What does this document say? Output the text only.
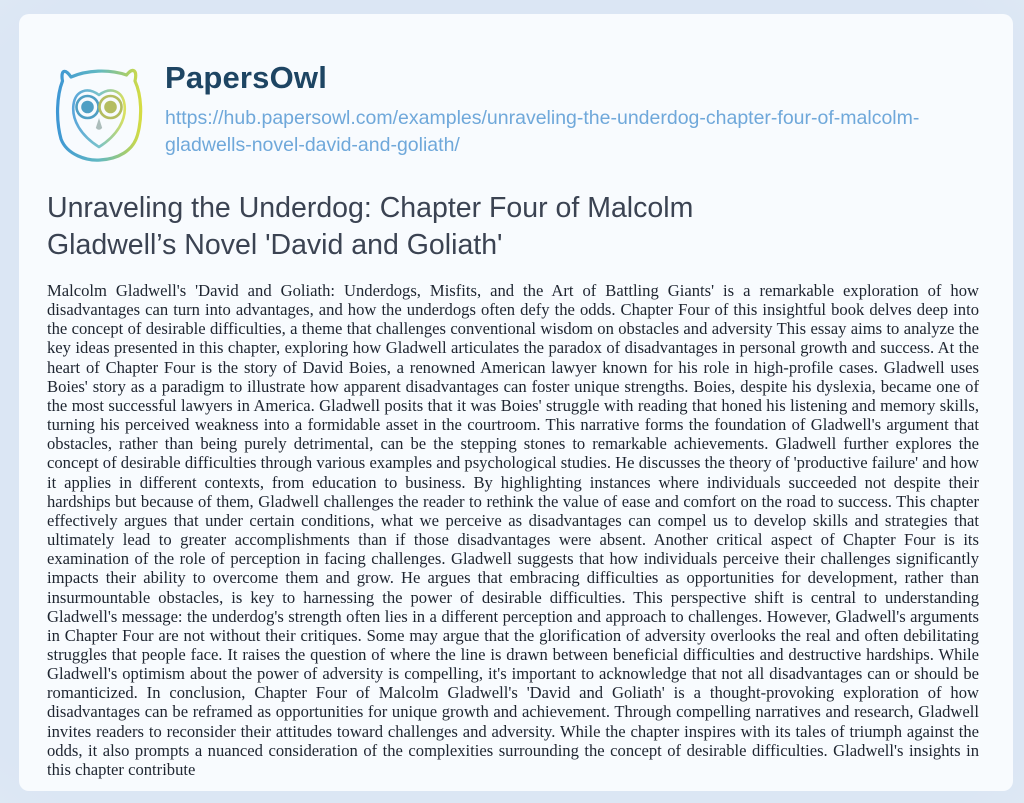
PapersOwl
https://hub.papersowl.com/examples/unraveling-the-underdog-chapter-four-of-malcolm-gladwells-novel-david-and-goliath/
Unraveling the Underdog: Chapter Four of Malcolm Gladwell’s Novel 'David and Goliath'

Malcolm Gladwell's 'David and Goliath: Underdogs, Misfits, and the Art of Battling Giants' is a remarkable exploration of how disadvantages can turn into advantages, and how the underdogs often defy the odds. Chapter Four of this insightful book delves deep into the concept of desirable difficulties, a theme that challenges conventional wisdom on obstacles and adversity This essay aims to analyze the key ideas presented in this chapter, exploring how Gladwell articulates the paradox of disadvantages in personal growth and success. At the heart of Chapter Four is the story of David Boies, a renowned American lawyer known for his role in high-profile cases. Gladwell uses Boies' story as a paradigm to illustrate how apparent disadvantages can foster unique strengths. Boies, despite his dyslexia, became one of the most successful lawyers in America. Gladwell posits that it was Boies' struggle with reading that honed his listening and memory skills, turning his perceived weakness into a formidable asset in the courtroom. This narrative forms the foundation of Gladwell's argument that obstacles, rather than being purely detrimental, can be the stepping stones to remarkable achievements. Gladwell further explores the concept of desirable difficulties through various examples and psychological studies. He discusses the theory of 'productive failure' and how it applies in different contexts, from education to business. By highlighting instances where individuals succeeded not despite their hardships but because of them, Gladwell challenges the reader to rethink the value of ease and comfort on the road to success. This chapter effectively argues that under certain conditions, what we perceive as disadvantages can compel us to develop skills and strategies that ultimately lead to greater accomplishments than if those disadvantages were absent. Another critical aspect of Chapter Four is its examination of the role of perception in facing challenges. Gladwell suggests that how individuals perceive their challenges significantly impacts their ability to overcome them and grow. He argues that embracing difficulties as opportunities for development, rather than insurmountable obstacles, is key to harnessing the power of desirable difficulties. This perspective shift is central to understanding Gladwell's message: the underdog's strength often lies in a different perception and approach to challenges. However, Gladwell's arguments in Chapter Four are not without their critiques. Some may argue that the glorification of adversity overlooks the real and often debilitating struggles that people face. It raises the question of where the line is drawn between beneficial difficulties and destructive hardships. While Gladwell's optimism about the power of adversity is compelling, it's important to acknowledge that not all disadvantages can or should be romanticized. In conclusion, Chapter Four of Malcolm Gladwell's 'David and Goliath' is a thought-provoking exploration of how disadvantages can be reframed as opportunities for unique growth and achievement. Through compelling narratives and research, Gladwell invites readers to reconsider their attitudes toward challenges and adversity. While the chapter inspires with its tales of triumph against the odds, it also prompts a nuanced consideration of the complexities surrounding the concept of desirable difficulties. Gladwell's insights in this chapter contribute
